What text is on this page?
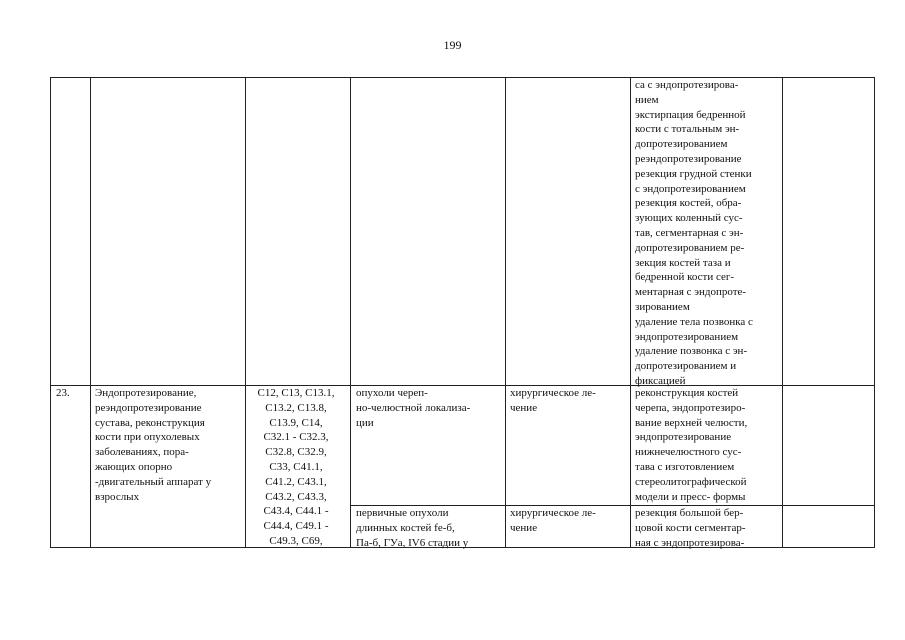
199
са с эндопротезирова-
нием
экстирпация бедренной
кости с тотальным эн-
допротезированием
реэндопротезирование
резекция грудной стенки
с эндопротезированием
резекция костей, обра-
зующих коленный сус-
тав, сегментарная с эн-
допротезированием ре-
зекция костей таза и
бедренной кости сег-
ментарная с эндопроте-
зированием
удаление тела позвонка с
эндопротезированием
удаление позвонка с эн-
допротезированием и
фиксацией
23. Эндопротезирование,
реэндопротезирование
сустава, реконструкция
кости при опухолевых
заболеваниях, пора-
жающих опорно
-двигательный аппарат у
взрослых
C12, C13, C13.1,
C13.2, C13.8,
C13.9, C14,
C32.1 - C32.3,
C32.8, C32.9,
C33, C41.1,
C41.2, C43.1,
C43.2, C43.3,
C43.4, C44.1 -
C44.4, C49.1 -
C49.3, C69,
опухоли череп-
но-челюстной локализа-
ции
хирургическое ле-
чение
реконструкция костей
черепа, эндопротезиро-
вание верхней челюсти,
эндопротезирование
нижнечелюстного сус-
тава с изготовлением
стереолитографической
модели и пресс- формы
первичные опухоли
длинных костей fe-б,
Па-б, ГУа, IV6 стадии у
хирургическое ле-
чение
резекция большой бер-
цовой кости сегментар-
ная с эндопротезирова-
